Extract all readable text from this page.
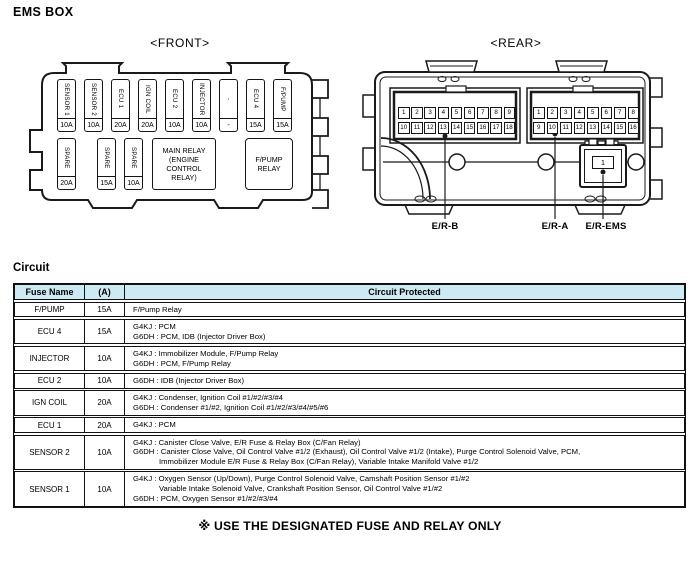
EMS BOX
<FRONT>	<REAR>
SENSOR 1
10A
SENSOR 2
10A
ECU 1
20A
IGN COIL
20A
ECU 2
10A
INJECTOR
10A
-
-
ECU 4
15A
F/PUMP
15A
SPARE
20A
SPARE
15A
SPARE
10A
MAIN RELAY
(ENGINE
CONTROL
RELAY)
F/PUMP
RELAY
1	2	3	4	5	6	7	8	9
10	11	12	13	14	15	16	17	18
1	2	3	4	5	6	7	8
9	10	11	12	13	14	15	16
1
E/R-B	E/R-A	E/R-EMS
Circuit
Fuse Name	(A)	Circuit Protected
F/PUMP	15A	F/Pump Relay
ECU 4	15A
G4KJ : PCM
G6DH : PCM, IDB (Injector Driver Box)
INJECTOR	10A
G4KJ : Immobilizer Module, F/Pump Relay
G6DH : PCM, F/Pump Relay
ECU 2	10A	G6DH : IDB (Injector Driver Box)
IGN COIL	20A
G4KJ : Condenser, Ignition Coil #1/#2/#3/#4
G6DH : Condenser #1/#2, Ignition Coil #1/#2/#3/#4/#5/#6
ECU 1	20A	G4KJ : PCM
SENSOR 2	10A
G4KJ : Canister Close Valve, E/R Fuse & Relay Box (C/Fan Relay)
G6DH : Canister Close Valve, Oil Control Valve #1/2 (Exhaust), Oil Control Valve #1/2 (Intake), Purge Control Solenoid Valve, PCM,
Immobilizer Module E/R Fuse & Relay Box (C/Fan Relay), Variable Intake Manifold Valve #1/2
SENSOR 1	10A
G4KJ : Oxygen Sensor (Up/Down), Purge Control Solenoid Valve, Camshaft Position Sensor #1/#2
Variable Intake Solenoid Valve, Crankshaft Position Sensor, Oil Control Valve #1/#2
G6DH : PCM, Oxygen Sensor #1/#2/#3/#4
※ USE THE DESIGNATED FUSE AND RELAY ONLY
